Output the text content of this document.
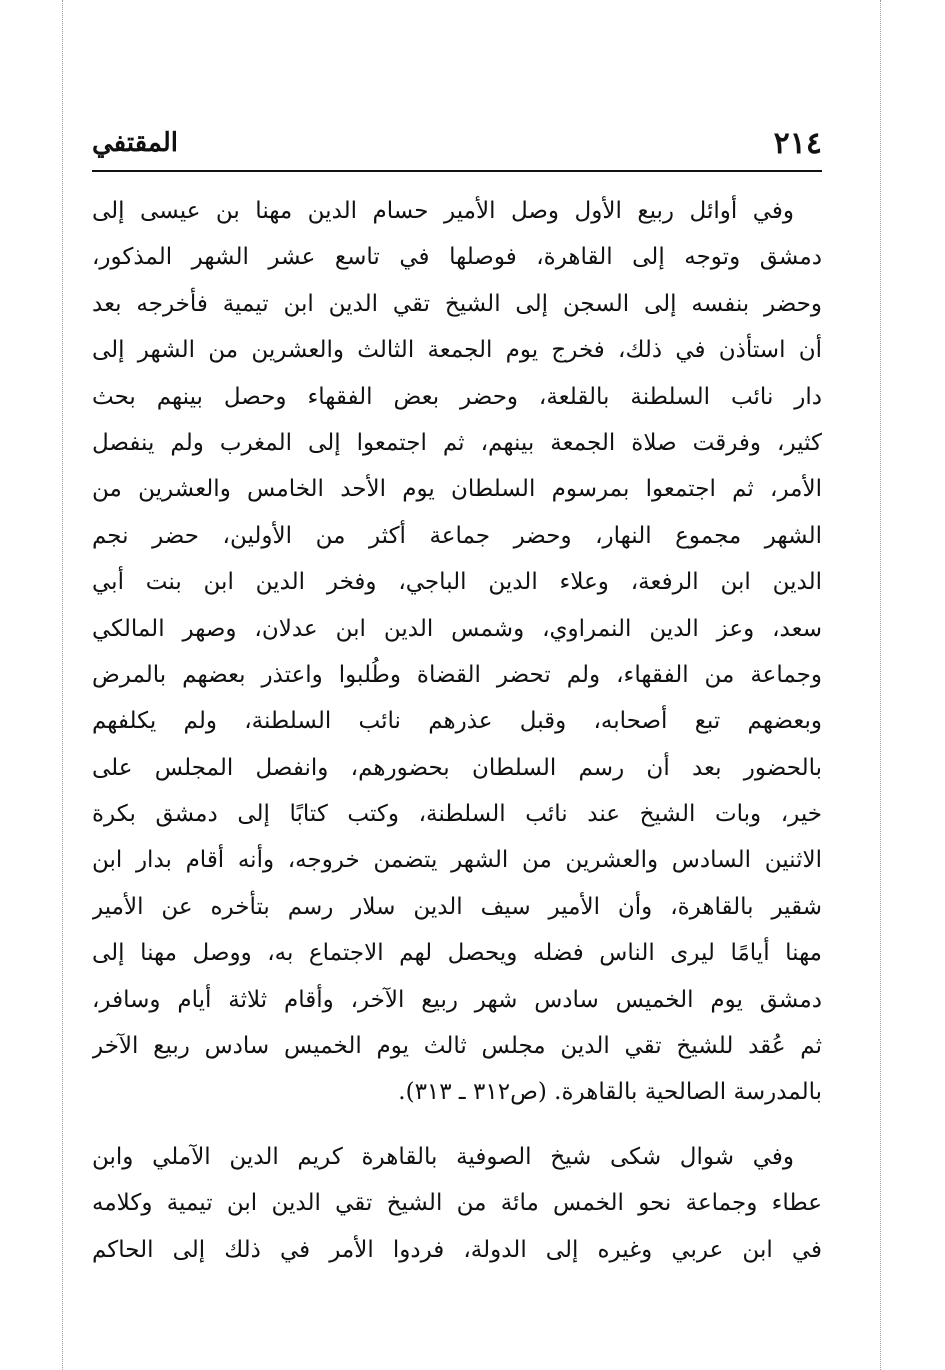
٢١٤
المقتفي
وفي أوائل ربيع الأول وصل الأمير حسام الدين مهنا بن عيسى إلى
دمشق وتوجه إلى القاهرة، فوصلها في تاسع عشر الشهر المذكور،
وحضر بنفسه إلى السجن إلى الشيخ تقي الدين ابن تيمية فأخرجه بعد
أن استأذن في ذلك، فخرج يوم الجمعة الثالث والعشرين من الشهر إلى
دار نائب السلطنة بالقلعة، وحضر بعض الفقهاء وحصل بينهم بحث
كثير، وفرقت صلاة الجمعة بينهم، ثم اجتمعوا إلى المغرب ولم ينفصل
الأمر، ثم اجتمعوا بمرسوم السلطان يوم الأحد الخامس والعشرين من
الشهر مجموع النهار، وحضر جماعة أكثر من الأولين، حضر نجم
الدين ابن الرفعة، وعلاء الدين الباجي، وفخر الدين ابن بنت أبي
سعد، وعز الدين النمراوي، وشمس الدين ابن عدلان، وصهر المالكي
وجماعة من الفقهاء، ولم تحضر القضاة وطُلبوا واعتذر بعضهم بالمرض
وبعضهم تبع أصحابه، وقبل عذرهم نائب السلطنة، ولم يكلفهم
بالحضور بعد أن رسم السلطان بحضورهم، وانفصل المجلس على
خير، وبات الشيخ عند نائب السلطنة، وكتب كتابًا إلى دمشق بكرة
الاثنين السادس والعشرين من الشهر يتضمن خروجه، وأنه أقام بدار ابن
شقير بالقاهرة، وأن الأمير سيف الدين سلار رسم بتأخره عن الأمير
مهنا أيامًا ليرى الناس فضله ويحصل لهم الاجتماع به، ووصل مهنا إلى
دمشق يوم الخميس سادس شهر ربيع الآخر، وأقام ثلاثة أيام وسافر،
ثم عُقد للشيخ تقي الدين مجلس ثالث يوم الخميس سادس ربيع الآخر
بالمدرسة الصالحية بالقاهرة. (ص٣١٢ ـ ٣١٣).
وفي شوال شكى شيخ الصوفية بالقاهرة كريم الدين الآملي وابن
عطاء وجماعة نحو الخمس مائة من الشيخ تقي الدين ابن تيمية وكلامه
في ابن عربي وغيره إلى الدولة، فردوا الأمر في ذلك إلى الحاكم
